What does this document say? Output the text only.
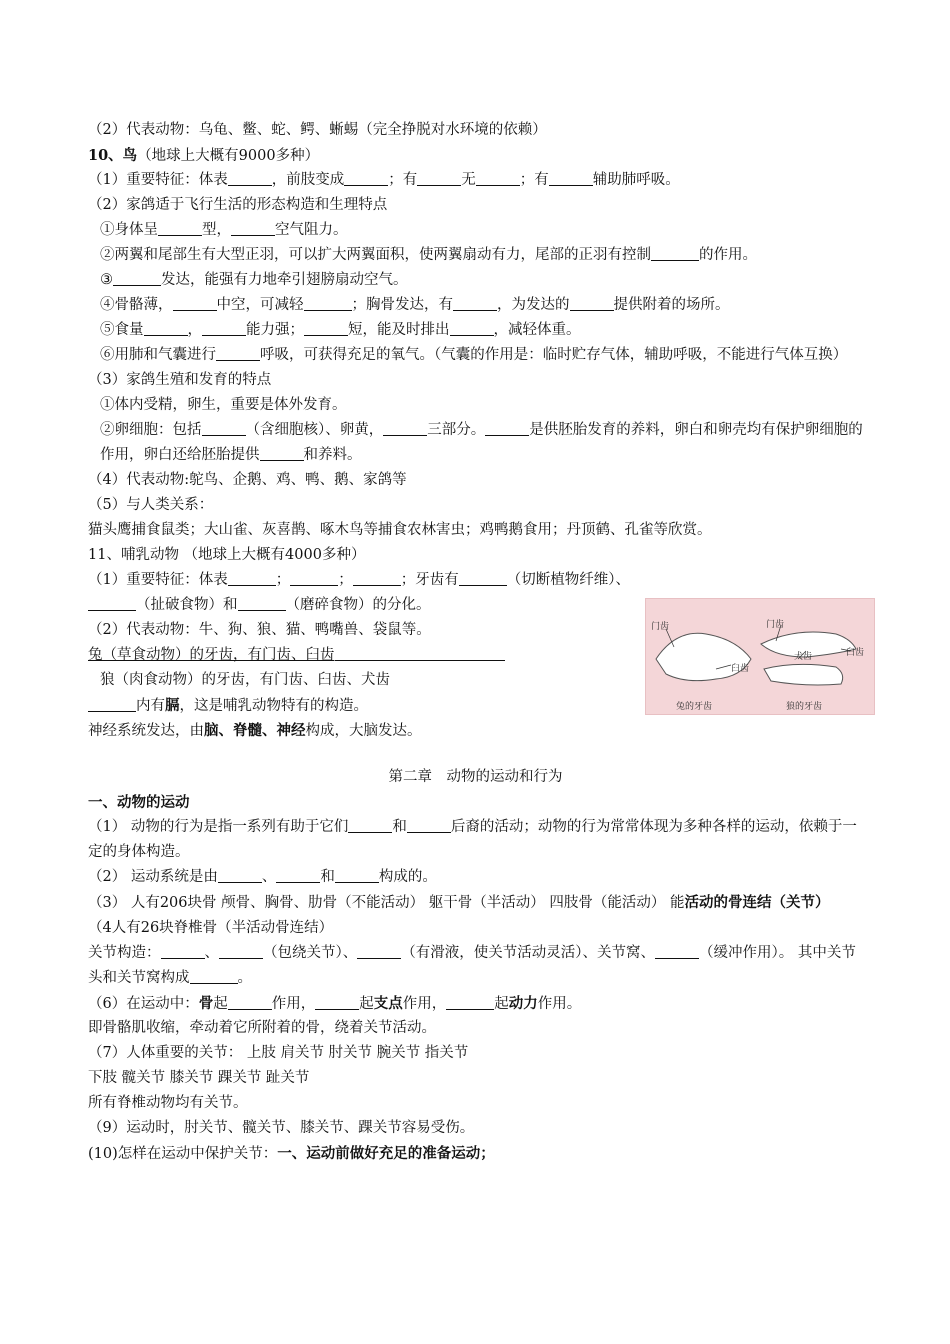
（2）代表动物：乌龟、鳖、蛇、鳄、蜥蜴（完全挣脱对水环境的依赖）
10、鸟（地球上大概有9000多种）
（1）重要特征：体表	，前肢变成	；有	无	；有	辅助肺呼吸。
（2）家鸽适于飞行生活的形态构造和生理特点
①身体呈	型，	空气阻力。
②两翼和尾部生有大型正羽，可以扩大两翼面积，使两翼扇动有力，尾部的正羽有控制	的作用。
③	发达，能强有力地牵引翅膀扇动空气。
④骨骼薄，	中空，可减轻	；胸骨发达，有	，为发达的	提供附着的场所。
⑤食量	，	能力强；	短，能及时排出	，减轻体重。
⑥用肺和气囊进行	呼吸，可获得充足的氧气。（气囊的作用是：临时贮存气体，辅助呼吸，不能进行气体互换）
（3）家鸽生殖和发育的特点
①体内受精，卵生，重要是体外发育。
②卵细胞：包括	（含细胞核）、卵黄，	三部分。	是供胚胎发育的养料，卵白和卵壳均有保护卵细胞的作用，卵白还给胚胎提供	和养料。
（4）代表动物:鸵鸟、企鹅、鸡、鸭、鹅、家鸽等
（5）与人类关系：
猫头鹰捕食鼠类；大山雀、灰喜鹊、啄木鸟等捕食农林害虫；鸡鸭鹅食用；丹顶鹤、孔雀等欣赏。
11、哺乳动物 （地球上大概有4000多种）
（1）重要特征：体表	；	；	；牙齿有	（切断植物纤维）、（扯破食物）和	（磨碎食物）的分化。
（2）代表动物：牛、狗、狼、猫、鸭嘴兽、袋鼠等。
兔（草食动物）的牙齿，有门齿、臼齿
狼（肉食动物）的牙齿，有门齿、臼齿、犬齿
内有膈，这是哺乳动物特有的构造。
神经系统发达，由脑、脊髓、神经构成，大脑发达。
第二章　动物的运动和行为
一、动物的运动
（1） 动物的行为是指一系列有助于它们	和	后裔的活动；动物的行为常常体现为多种各样的运动，依赖于一定的身体构造。
（2） 运动系统是由	、	和	构成的。
（3） 人有206块骨 颅骨、胸骨、肋骨（不能活动） 躯干骨（半活动） 四肢骨（能活动） 能活动的骨连结（关节）
（4人有26块脊椎骨（半活动骨连结）
关节构造：	、	（包绕关节）、	（有滑液，使关节活动灵活）、关节窝、	（缓冲作用）。 其中关节头和关节窝构成	。
（6）在运动中：骨起	作用，	起支点作用，	起动力作用。
即骨骼肌收缩，牵动着它所附着的骨，绕着关节活动。
（7）人体重要的关节： 上肢 肩关节 肘关节 腕关节 指关节
下肢 髋关节 膝关节 踝关节 趾关节
所有脊椎动物均有关节。
（9）运动时，肘关节、髋关节、膝关节、踝关节容易受伤。
(10)怎样在运动中保护关节：一、运动前做好充足的准备运动；
门齿
臼齿
门齿
犬齿	臼齿
兔的牙齿	狼的牙齿
